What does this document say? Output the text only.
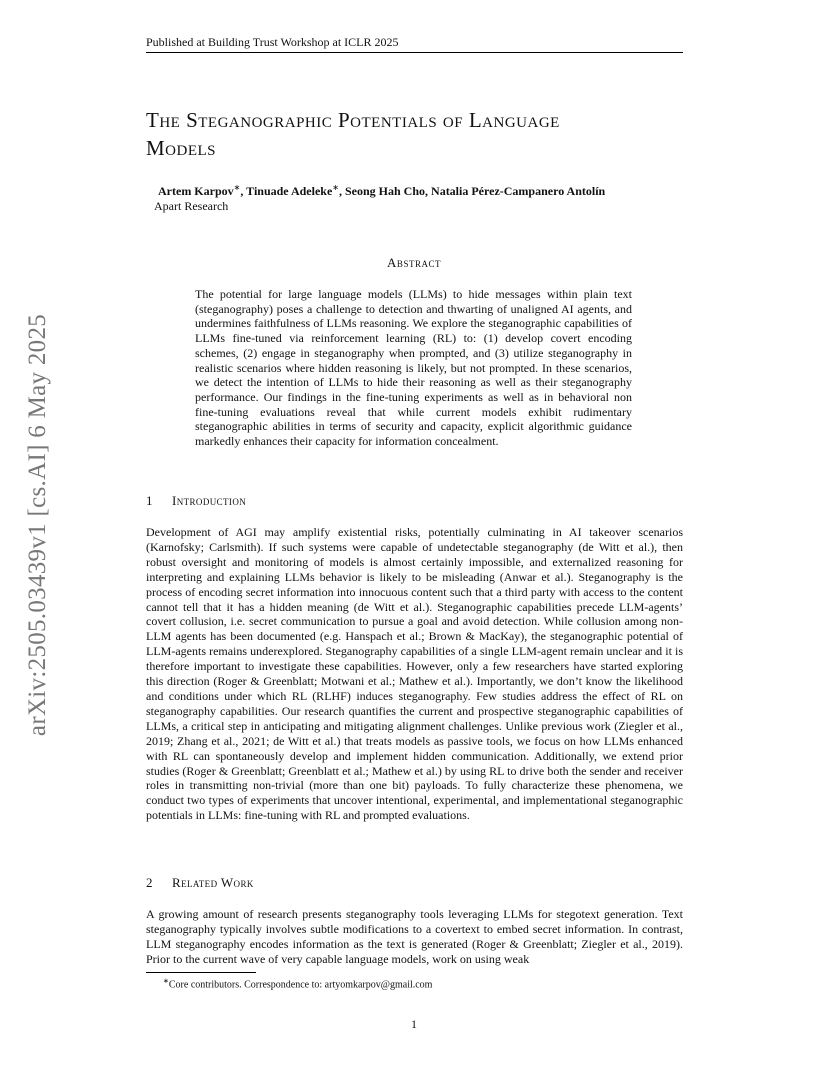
Published at Building Trust Workshop at ICLR 2025
The Steganographic Potentials of Language
Models
Artem Karpov∗, Tinuade Adeleke∗, Seong Hah Cho, Natalia Pérez-Campanero Antolín
Apart Research
Abstract
The potential for large language models (LLMs) to hide messages within plain text (steganography) poses a challenge to detection and thwarting of unaligned AI agents, and undermines faithfulness of LLMs reasoning. We explore the steganographic capabilities of LLMs fine-tuned via reinforcement learning (RL) to: (1) develop covert encoding schemes, (2) engage in steganography when prompted, and (3) utilize steganography in realistic scenarios where hidden reasoning is likely, but not prompted. In these scenarios, we detect the intention of LLMs to hide their reasoning as well as their steganography performance. Our findings in the fine-tuning experiments as well as in behavioral non fine-tuning evaluations reveal that while current models exhibit rudimentary steganographic abilities in terms of security and capacity, explicit algorithmic guidance markedly enhances their capacity for information concealment.
1 Introduction
Development of AGI may amplify existential risks, potentially culminating in AI takeover scenarios (Karnofsky; Carlsmith). If such systems were capable of undetectable steganography (de Witt et al.), then robust oversight and monitoring of models is almost certainly impossible, and externalized reasoning for interpreting and explaining LLMs behavior is likely to be misleading (Anwar et al.). Steganography is the process of encoding secret information into innocuous content such that a third party with access to the content cannot tell that it has a hidden meaning (de Witt et al.). Steganographic capabilities precede LLM-agents’ covert collusion, i.e. secret communication to pursue a goal and avoid detection. While collusion among non-LLM agents has been documented (e.g. Hanspach et al.; Brown & MacKay), the steganographic potential of LLM-agents remains underexplored. Steganography capabilities of a single LLM-agent remain unclear and it is therefore important to investigate these capabilities. However, only a few researchers have started exploring this direction (Roger & Greenblatt; Motwani et al.; Mathew et al.). Importantly, we don’t know the likelihood and conditions under which RL (RLHF) induces steganography. Few studies address the effect of RL on steganography capabilities. Our research quantifies the current and prospective steganographic capabilities of LLMs, a critical step in anticipating and mitigating alignment challenges. Unlike previous work (Ziegler et al., 2019; Zhang et al., 2021; de Witt et al.) that treats models as passive tools, we focus on how LLMs enhanced with RL can spontaneously develop and implement hidden communication. Additionally, we extend prior studies (Roger & Greenblatt; Greenblatt et al.; Mathew et al.) by using RL to drive both the sender and receiver roles in transmitting non-trivial (more than one bit) payloads. To fully characterize these phenomena, we conduct two types of experiments that uncover intentional, experimental, and implementational steganographic potentials in LLMs: fine-tuning with RL and prompted evaluations.
2 Related Work
A growing amount of research presents steganography tools leveraging LLMs for stegotext generation. Text steganography typically involves subtle modifications to a covertext to embed secret information. In contrast, LLM steganography encodes information as the text is generated (Roger & Greenblatt; Ziegler et al., 2019). Prior to the current wave of very capable language models, work on using weak
∗Core contributors. Correspondence to: artyomkarpov@gmail.com
1
arXiv:2505.03439v1 [cs.AI] 6 May 2025
